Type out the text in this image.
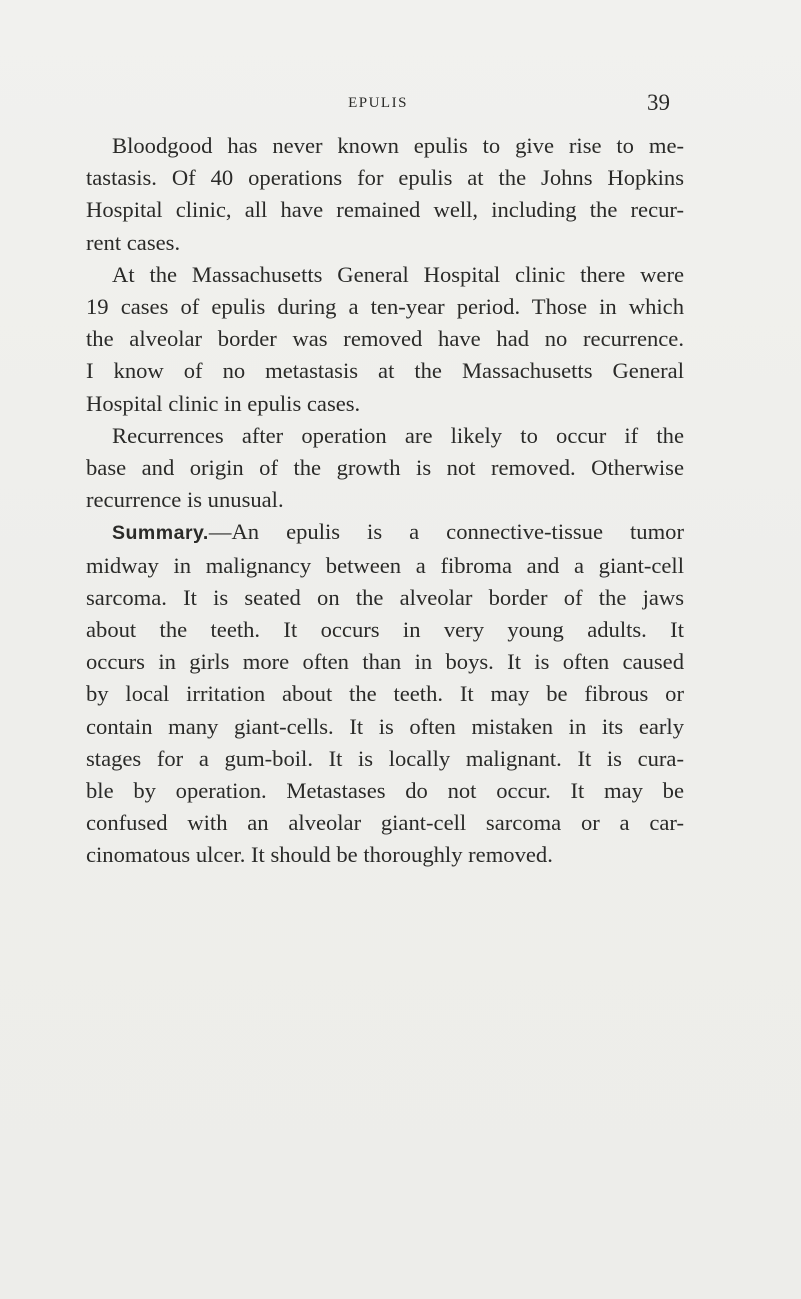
EPULIS	39
Bloodgood has never known epulis to give rise to me-
tastasis. Of 40 operations for epulis at the Johns Hopkins
Hospital clinic, all have remained well, including the recur-
rent cases.
At the Massachusetts General Hospital clinic there were
19 cases of epulis during a ten-year period. Those in which
the alveolar border was removed have had no recurrence.
I know of no metastasis at the Massachusetts General
Hospital clinic in epulis cases.
Recurrences after operation are likely to occur if the
base and origin of the growth is not removed. Otherwise
recurrence is unusual.
Summary.—An epulis is a connective-tissue tumor
midway in malignancy between a fibroma and a giant-cell
sarcoma. It is seated on the alveolar border of the jaws
about the teeth. It occurs in very young adults. It
occurs in girls more often than in boys. It is often caused
by local irritation about the teeth. It may be fibrous or
contain many giant-cells. It is often mistaken in its early
stages for a gum-boil. It is locally malignant. It is cura-
ble by operation. Metastases do not occur. It may be
confused with an alveolar giant-cell sarcoma or a car-
cinomatous ulcer. It should be thoroughly removed.
